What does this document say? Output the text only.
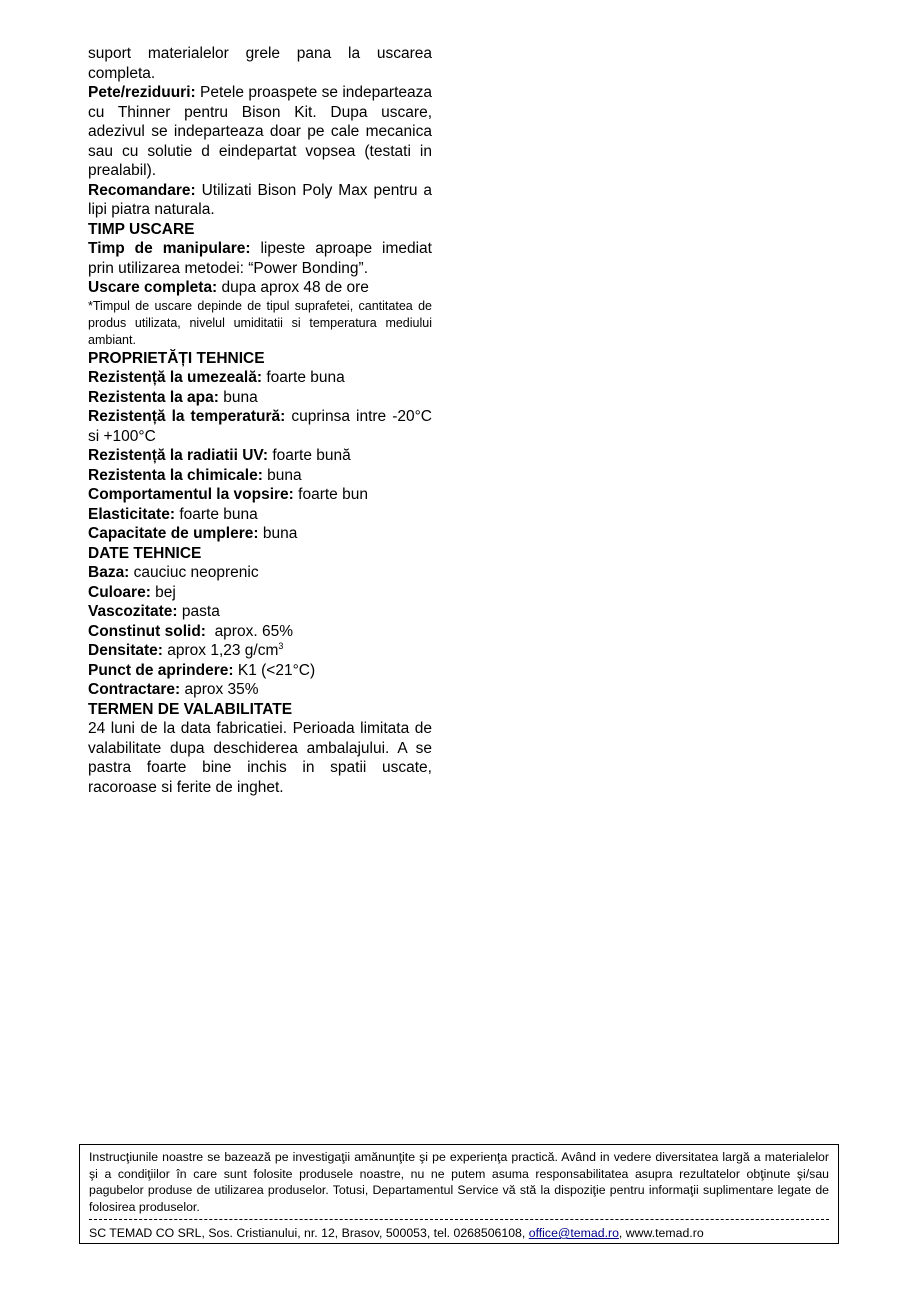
suport materialelor grele pana la uscarea completa.

Pete/reziduuri: Petele proaspete se indeparteaza cu Thinner pentru Bison Kit. Dupa uscare, adezivul se indeparteaza doar pe cale mecanica sau cu solutie d eindepartat vopsea (testati in prealabil).

Recomandare: Utilizati Bison Poly Max pentru a lipi piatra naturala.

TIMP USCARE

Timp de manipulare: lipeste aproape imediat prin utilizarea metodei: “Power Bonding”.

Uscare completa: dupa aprox 48 de ore

*Timpul de uscare depinde de tipul suprafetei, cantitatea de produs utilizata, nivelul umiditatii si temperatura mediului ambiant.

PROPRIETĂȚI TEHNICE

Rezistență la umezeală: foarte buna

Rezistenta la apa: buna

Rezistență la temperatură: cuprinsa intre -20°C si +100°C

Rezistență la radiatii UV: foarte bună

Rezistenta la chimicale: buna

Comportamentul la vopsire: foarte bun

Elasticitate: foarte buna

Capacitate de umplere: buna

DATE TEHNICE

Baza: cauciuc neoprenic

Culoare: bej

Vascozitate: pasta

Constinut solid:  aprox. 65%

Densitate: aprox 1,23 $g/cm^3$

Punct de aprindere: K1 (<21°C)

Contractare: aprox 35%

TERMEN DE VALABILITATE

24 luni de la data fabricatiei. Perioada limitata de valabilitate dupa deschiderea ambalajului. A se pastra foarte bine inchis in spatii uscate, racoroase si ferite de inghet.

Instrucţiunile noastre se bazează pe investigaţii amănunţite şi pe experienţa practică. Având in vedere diversitatea largă a materialelor şi a condiţiilor în care sunt folosite produsele noastre, nu ne putem asuma responsabilitatea asupra rezultatelor obţinute şi/sau pagubelor produse de utilizarea produselor. Totusi, Departamentul Service vă stă la dispoziţie pentru informaţii suplimentare legate de folosirea produselor.

SC TEMAD CO SRL, Sos. Cristianului, nr. 12, Brasov, 500053, tel. 0268506108, office@temad.ro, www.temad.ro
